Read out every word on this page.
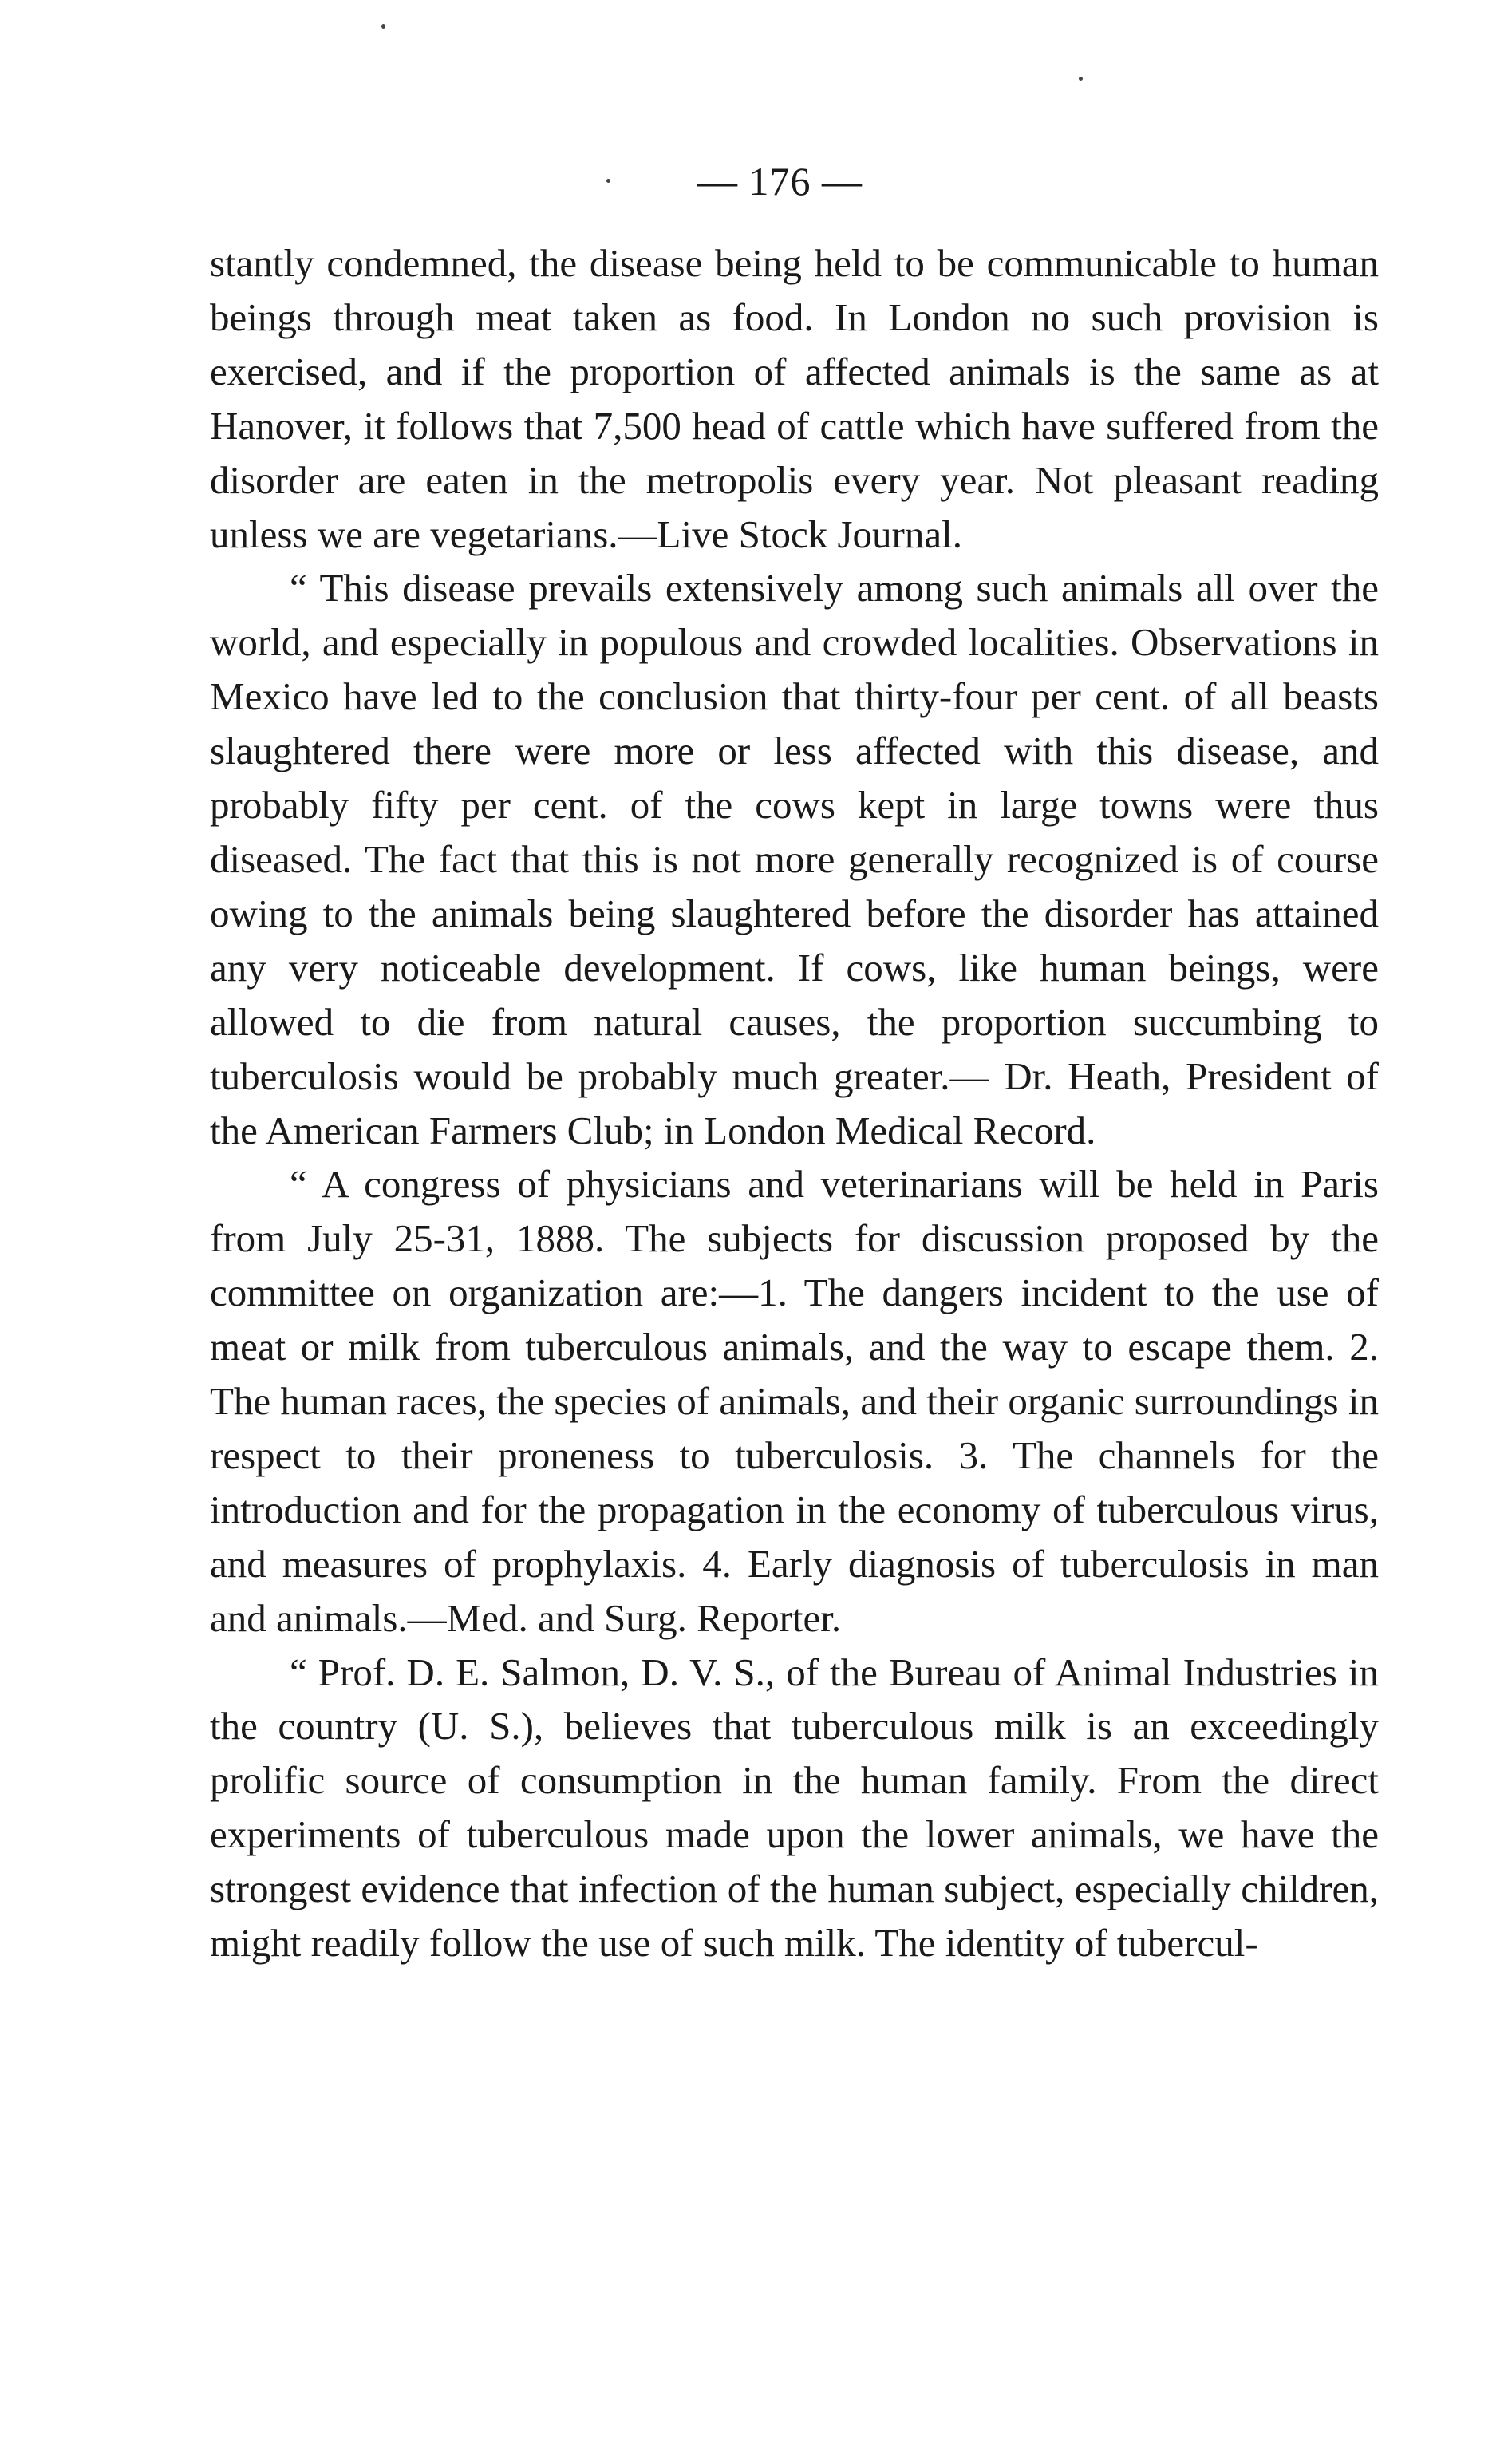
— 176 —

stantly condemned, the disease being held to be communicable to human beings through meat taken as food. In London no such provision is exercised, and if the proportion of affected animals is the same as at Hanover, it follows that 7,500 head of cattle which have suffered from the disorder are eaten in the metropolis every year. Not pleasant reading unless we are vegetarians.—Live Stock Journal.

“ This disease prevails extensively among such animals all over the world, and especially in populous and crowded localities. Observations in Mexico have led to the conclusion that thirty-four per cent. of all beasts slaughtered there were more or less affected with this disease, and probably fifty per cent. of the cows kept in large towns were thus diseased. The fact that this is not more generally recognized is of course owing to the animals being slaughtered before the disorder has attained any very noticeable development. If cows, like human beings, were allowed to die from natural causes, the proportion succumbing to tuberculosis would be probably much greater.— Dr. Heath, President of the American Farmers Club; in London Medical Record.

“ A congress of physicians and veterinarians will be held in Paris from July 25-31, 1888. The subjects for discussion proposed by the committee on organization are:—1. The dangers incident to the use of meat or milk from tuberculous animals, and the way to escape them. 2. The human races, the species of animals, and their organic surroundings in respect to their proneness to tuberculosis. 3. The channels for the introduction and for the propagation in the economy of tuberculous virus, and measures of prophylaxis. 4. Early diagnosis of tuberculosis in man and animals.—Med. and Surg. Reporter.

“ Prof. D. E. Salmon, D. V. S., of the Bureau of Animal Industries in the country (U. S.), believes that tuberculous milk is an exceedingly prolific source of consumption in the human family. From the direct experiments of tuberculous made upon the lower animals, we have the strongest evidence that infection of the human subject, especially children, might readily follow the use of such milk. The identity of tubercul-
